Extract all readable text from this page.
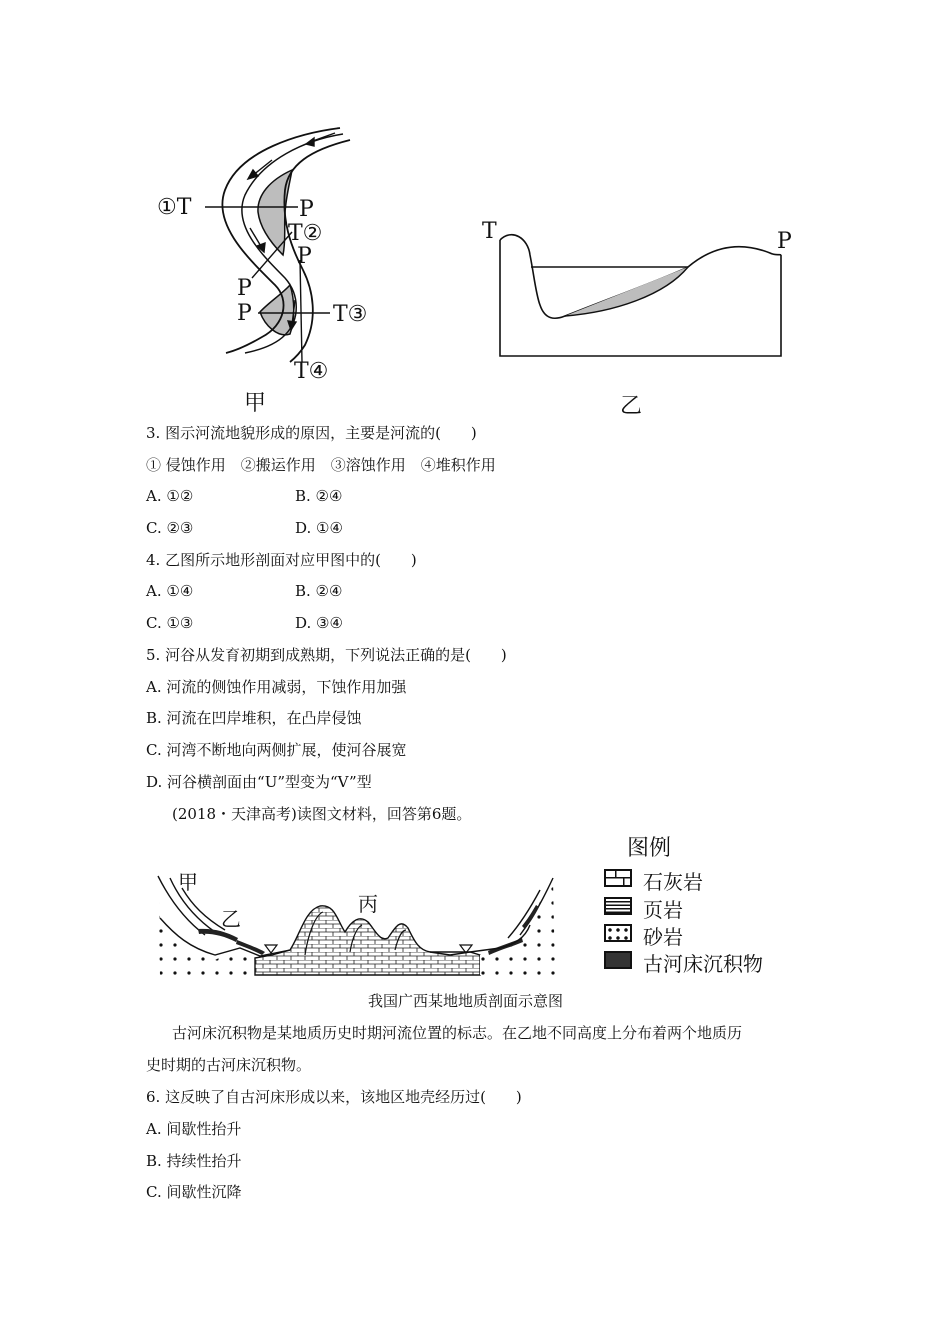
①T	P
T②
P
P
P	T③
T④
甲
T	P
乙
3. 图示河流地貌形成的原因，主要是河流的(　　)
① 侵蚀作用　②搬运作用　③溶蚀作用　④堆积作用
A. ①②	B. ②④
C. ②③	D. ①④
4. 乙图所示地形剖面对应甲图中的(　　)
A. ①④	B. ②④
C. ①③	D. ③④
5. 河谷从发育初期到成熟期，下列说法正确的是(　　)
A. 河流的侧蚀作用减弱，下蚀作用加强
B. 河流在凹岸堆积，在凸岸侵蚀
C. 河湾不断地向两侧扩展，使河谷展宽
D. 河谷横剖面由“U”型变为“V”型
(2018・天津高考)读图文材料，回答第6题。
甲
乙
丙
图例
石灰岩
页岩
砂岩
古河床沉积物
我国广西某地地质剖面示意图
古河床沉积物是某地质历史时期河流位置的标志。在乙地不同高度上分布着两个地质历
史时期的古河床沉积物。
6. 这反映了自古河床形成以来，该地区地壳经历过(　　)
A. 间歇性抬升
B. 持续性抬升
C. 间歇性沉降
